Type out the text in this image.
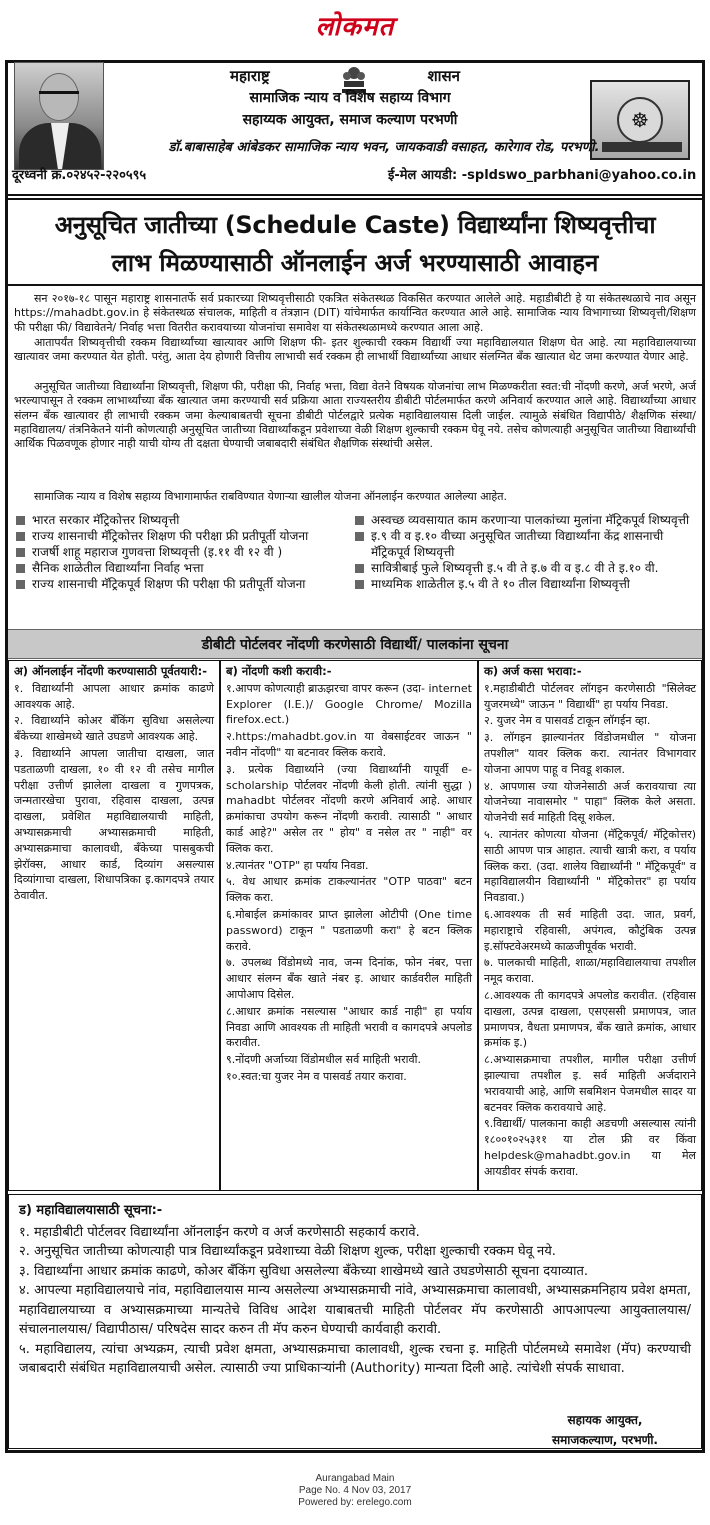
लोकमत
☸
महाराष्ट्र	शासन
सामाजिक न्याय व विशेष सहाय्य विभाग
सहाय्यक आयुक्त, समाज कल्याण परभणी
डॉ.बाबासाहेब आंबेडकर सामाजिक न्याय भवन, जायकवाडी वसाहत, कारेगाव रोड, परभणी.
दूरध्वनी क्र.०२४५२-२२०५९५	ई-मेल आयडी: -spldswo_parbhani@yahoo.co.in
अनुसूचित जातीच्या (Schedule Caste) विद्यार्थ्यांना शिष्यवृत्तीचा
लाभ मिळण्यासाठी ऑनलाईन अर्ज भरण्यासाठी आवाहन

सन २०१७-१८ पासून महाराष्ट्र शासनातर्फे सर्व प्रकारच्या शिष्यवृत्तीसाठी एकत्रित संकेतस्थळ विकसित करण्यात आलेले आहे. महाडीबीटी हे या संकेतस्थळाचे नाव असून https://mahadbt.gov.in हे संकेतस्थळ संचालक, माहिती व तंत्रज्ञान (DIT) यांचेमार्फत कार्यान्वित करण्यात आले आहे. सामाजिक न्याय विभागाच्या शिष्यवृत्ती/शिक्षण फी परीक्षा फी/ विद्यावेतने/ निर्वाह भत्ता वितरीत करावयाच्या योजनांचा समावेश या संकेतस्थळामध्ये करण्यात आला आहे.

आतापर्यंत शिष्यवृत्तीची रक्कम विद्यार्थ्यांच्या खात्यावर आणि शिक्षण फी- इतर शुल्काची रक्कम विद्यार्थी ज्या महाविद्यालयात शिक्षण घेत आहे. त्या महाविद्यालयाच्या खात्यावर जमा करण्यात येत होती. परंतु, आता देय होणारी वित्तीय लाभाची सर्व रक्कम ही लाभार्थी विद्यार्थ्यांच्या आधार संलग्नित बँक खात्यात थेट जमा करण्यात येणार आहे.

अनुसूचित जातीच्या विद्यार्थ्यांना शिष्यवृत्ती, शिक्षण फी, परीक्षा फी, निर्वाह भत्ता, विद्या वेतने विषयक योजनांचा लाभ मिळण्करीता स्वत:ची नोंदणी करणे, अर्ज भरणे, अर्ज भरल्यापासून ते रक्कम लाभार्थ्यांच्या बँक खात्यात जमा करण्याची सर्व प्रक्रिया आता राज्यस्तरीय डीबीटी पोर्टलमार्फत करणे अनिवार्य करण्यात आले आहे. विद्यार्थ्यांच्या आधार संलग्न बँक खात्यावर ही लाभाची रक्कम जमा केल्याबाबतची सूचना डीबीटी पोर्टलद्वारे प्रत्येक महाविद्यालयास दिली जाईल. त्यामुळे संबंधित विद्यापीठे/ शैक्षणिक संस्था/ महाविद्यालय/ तंत्रनिकेतने यांनी कोणत्याही अनुसूचित जातीच्या विद्यार्थ्यांकडून प्रवेशाच्या वेळी शिक्षण शुल्काची रक्कम घेवू नये. तसेच कोणत्याही अनुसूचित जातीच्या विद्यार्थ्यांची आर्थिक पिळवणूक होणार नाही याची योग्य ती दक्षता घेण्याची जबाबदारी संबंधित शैक्षणिक संस्थांची असेल.

सामाजिक न्याय व विशेष सहाय्य विभागामार्फत राबविण्यात येणाऱ्या खालील योजना ऑनलाईन करण्यात आलेल्या आहेत.

भारत सरकार मॅट्रिकोत्तर शिष्यवृत्ती
राज्य शासनाची मॅट्रिकोत्तर शिक्षण फी परीक्षा फ्री प्रतीपूर्ती योजना
राजर्षी शाहू महाराज गुणवत्ता शिष्यवृत्ती (इ.११ वी १२ वी )
सैनिक शाळेतील विद्यार्थ्यांना निर्वाह भत्ता
राज्य शासनाची मॅट्रिकपूर्व शिक्षण फी परीक्षा फी प्रतीपूर्ती योजना
अस्वच्छ व्यवसायात काम करणाऱ्या पालकांच्या मुलांना मॅट्रिकपूर्व शिष्यवृत्ती
इ.९ वी व इ.१० वीच्या अनुसूचित जातीच्या विद्यार्थ्यांना केंद्र शासनाची मॅट्रिकपूर्व शिष्यवृत्ती
सावित्रीबाई फुले शिष्यवृत्ती इ.५ वी ते इ.७ वी व इ.८ वी ते इ.१० वी.
माध्यमिक शाळेतील इ.५ वी ते १० तील विद्यार्थ्यांना शिष्यवृत्ती
डीबीटी पोर्टलवर नोंदणी करणेसाठी विद्यार्थी/ पालकांना सूचना
अ) ऑनलाईन नोंदणी करण्यासाठी पूर्वतयारी:-

१. विद्यार्थ्यांनी आपला आधार क्रमांक काढणे आवश्यक आहे.

२. विद्यार्थ्यांने कोअर बॅंकिंग सुविधा असलेल्या बँकेच्या शाखेमध्ये खाते उघडणे आवश्यक आहे.

३. विद्यार्थ्याने आपला जातीचा दाखला, जात पडताळणी दाखला, १० वी १२ वी तसेच मागील परीक्षा उत्तीर्ण झालेला दाखला व गुणपत्रक, जन्मतारखेचा पुरावा, रहिवास दाखला, उत्पन्न दाखला, प्रवेशित महाविद्यालयाची माहिती, अभ्यासक्रमाची अभ्यासक्रमाची माहिती, अभ्यासक्रमाचा कालावधी, बँकेच्या पासबुकची झेरॉक्स, आधार कार्ड, दिव्यांग असल्यास दिव्यांगाचा दाखला, शिधापत्रिका इ.कागदपत्रे तयार ठेवावीत.

ब) नोंदणी कशी करावी:-

१.आपण कोणत्याही ब्राऊझरचा वापर करून (उदा- internet Explorer (I.E.)/ Google Chrome/ Mozilla firefox.ect.)

२.https:/mahadbt.gov.in या वेबसाईटवर जाऊन " नवीन नोंदणी" या बटनावर क्लिक करावे.

३. प्रत्येक विद्यार्थ्याने (ज्या विद्यार्थ्यांनी यापूर्वी e-scholarship पोर्टलवर नोंदणी केली होती. त्यांनी सुद्धा ) mahadbt पोर्टलवर नोंदणी करणे अनिवार्य आहे. आधार क्रमांकाचा उपयोग करून नोंदणी करावी. त्यासाठी " आधार कार्ड आहे?" असेल तर " होय" व नसेल तर " नाही" वर क्लिक करा.

४.त्यानंतर "OTP" हा पर्याय निवडा.

५. वेध आधार क्रमांक टाकल्यानंतर "OTP पाठवा" बटन क्लिक करा.

६.मोबाईल क्रमांकावर प्राप्त झालेला ओटीपी (One time password) टाकून " पडताळणी करा" हे बटन क्लिक करावे.

७. उपलब्ध विंडोमध्ये नाव, जन्म दिनांक, फोन नंबर, पत्ता आधार संलग्न बँक खाते नंबर इ. आधार कार्डवरील माहिती आपोआप दिसेल.

८.आधार क्रमांक नसल्यास "आधार कार्ड नाही" हा पर्याय निवडा आणि आवश्यक ती माहिती भरावी व कागदपत्रे अपलोड करावीत.

९.नोंदणी अर्जाच्या विंडोमधील सर्व माहिती भरावी.

१०.स्वत:चा युजर नेम व पासवर्ड तयार करावा.

क) अर्ज कसा भरावा:-

१.महाडीबीटी पोर्टलवर लॉगइन करणेसाठी "सिलेक्ट युजरमध्ये" जाऊन " विद्यार्थी" हा पर्याय निवडा.

२. युजर नेम व पासवर्ड टाकून लॉगईन व्हा.

३. लॉगइन झाल्यानंतर विंडोजमधील " योजना तपशील" यावर क्लिक करा. त्यानंतर विभागवार योजना आपण पाहू व निवडू शकाल.

४. आपणास ज्या योजनेसाठी अर्ज करावयाचा त्या योजनेच्या नावासमोर " पाहा" क्लिक केले असता. योजनेची सर्व माहिती दिसू शकेल.

५. त्यानंतर कोणत्या योजना (मॅट्रिकपूर्व/ मॅट्रिकोत्तर) साठी आपण पात्र आहात. त्याची खात्री करा, व पर्याय क्लिक करा. (उदा. शालेय विद्यार्थ्यांनी " मॅट्रिकपूर्व" व महाविद्यालयीन विद्यार्थ्यांनी " मॅट्रिकोत्तर" हा पर्याय निवडावा.)

६.आवश्यक ती सर्व माहिती उदा. जात, प्रवर्ग, महाराष्ट्राचे रहिवासी, अपंगत्व, कौटुंबिक उत्पन्न इ.सॉफ्टवेअरमध्ये काळजीपूर्वक भरावी.

७. पालकाची माहिती, शाळा/महाविद्यालयाचा तपशील नमूद करावा.

८.आवश्यक ती कागदपत्रे अपलोड करावीत. (रहिवास दाखला, उत्पन्न दाखला, एसएससी प्रमाणपत्र, जात प्रमाणपत्र, वैधता प्रमाणपत्र, बँक खाते क्रमांक, आधार क्रमांक इ.)

८.अभ्यासक्रमाचा तपशील, मागील परीक्षा उत्तीर्ण झाल्याचा तपशील इ. सर्व माहिती अर्जदाराने भरावयाची आहे, आणि सबमिशन पेजमधील सादर या बटनवर क्लिक करावयाचे आहे.

९.विद्यार्थी/ पालकाना काही अडचणी असल्यास त्यांनी १८००१०२५३११ या टोल फ्री वर किंवा helpdesk@mahadbt.gov.in या मेल आयडीवर संपर्क करावा.

ड) महाविद्यालयासाठी सूचना:-
१. महाडीबीटी पोर्टलवर विद्यार्थ्यांना ऑनलाईन करणे व अर्ज करणेसाठी सहकार्य करावे.
२. अनुसूचित जातीच्या कोणत्याही पात्र विद्यार्थ्यांकडून प्रवेशाच्या वेळी शिक्षण शुल्क, परीक्षा शुल्काची रक्कम घेवू नये.
३. विद्यार्थ्यांना आधार क्रमांक काढणे, कोअर बॅंकिंग सुविधा असलेल्या बँकेच्या शाखेमध्ये खाते उघडणेसाठी सूचना दयाव्यात.
४. आपल्या महाविद्यालयाचे नांव, महाविद्यालयास मान्य असलेल्या अभ्यासक्रमाची नांवे, अभ्यासक्रमाचा कालावधी, अभ्यासक्रमनिहाय प्रवेश क्षमता, महाविद्यालयाच्या व अभ्यासक्रमाच्या मान्यतेचे विविध आदेश याबाबतची माहिती पोर्टलवर मॅप करणेसाठी आपआपल्या आयुक्तालयास/ संचालनालयास/ विद्यापीठास/ परिषदेस सादर करुन ती मॅप करुन घेण्याची कार्यवाही करावी.
५. महाविद्यालय, त्यांचा अभ्यक्रम, त्याची प्रवेश क्षमता, अभ्यासक्रमाचा कालावधी, शुल्क रचना इ. माहिती पोर्टलमध्ये समावेश (मॅप) करण्याची जबाबदारी संबंधित महाविद्यालयाची असेल. त्यासाठी ज्या प्राधिकाऱ्यांनी (Authority) मान्यता दिली आहे. त्यांचेशी संपर्क साधावा.
सहायक आयुक्त,
समाजकल्याण, परभणी.
Aurangabad Main
Page No. 4 Nov 03, 2017
Powered by: erelego.com
